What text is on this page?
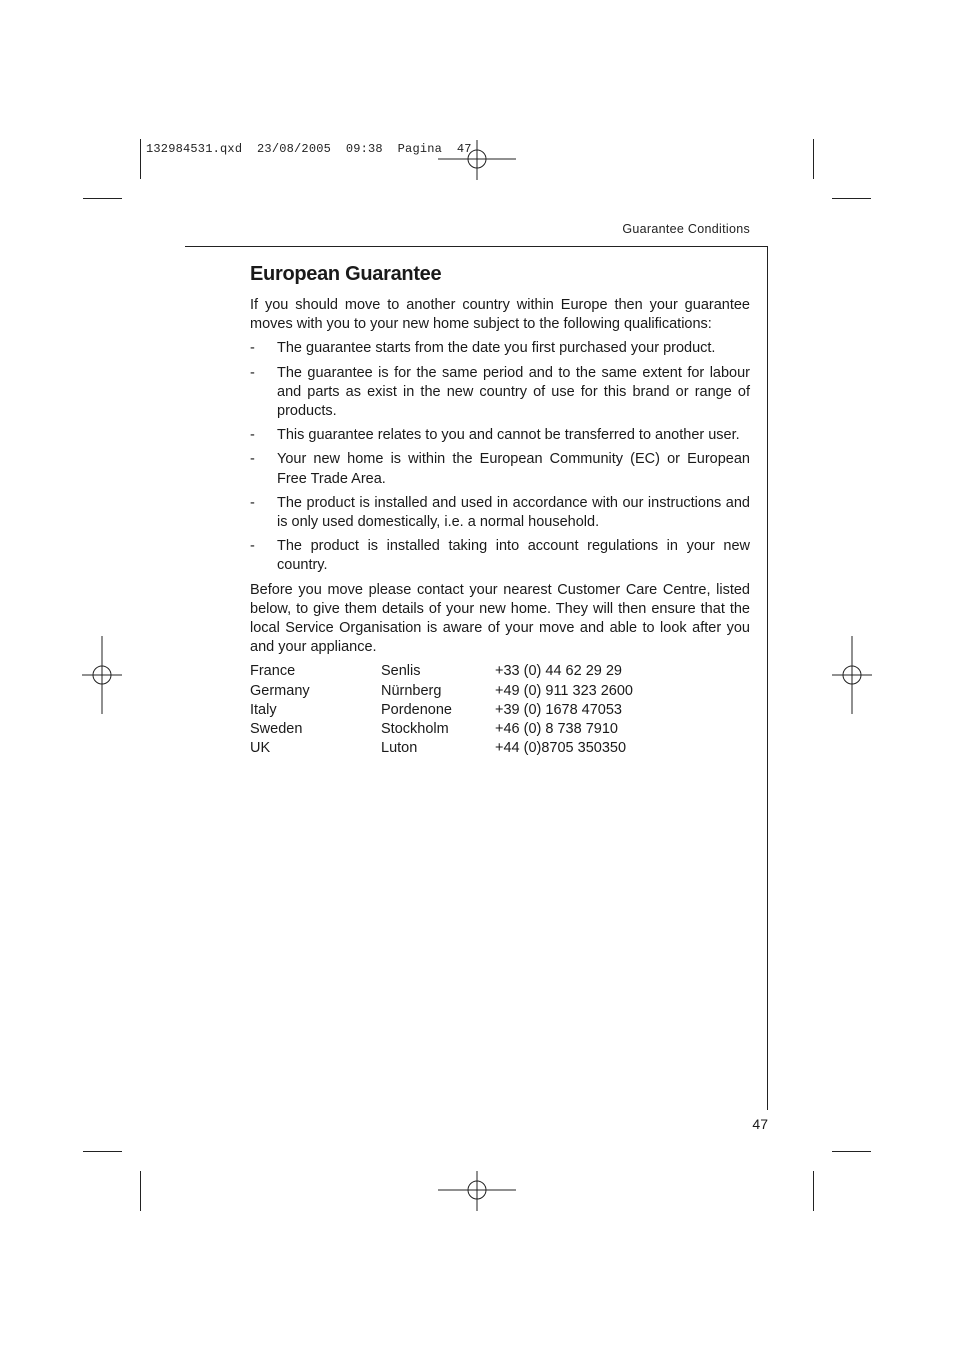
132984531.qxd  23/08/2005  09:38  Pagina  47
Guarantee Conditions
European Guarantee

If you should move to another country within Europe then your guarantee moves with you to your new home subject to the following qualifications:

- The guarantee starts from the date you first purchased your product.
- The guarantee is for the same period and to the same extent for labour and parts as exist in the new country of use for this brand or range of products.
- This guarantee relates to you and cannot be transferred to another user.
- Your new home is within the European Community (EC) or European Free Trade Area.
- The product is installed and used in accordance with our instructions and is only used domestically, i.e. a normal household.
- The product is installed taking into account regulations in your new country.

Before you move please contact your nearest Customer Care Centre, listed below, to give them details of your new home. They will then ensure that the local Service Organisation is aware of your move and able to look after you and your appliance.

France	Senlis	+33 (0) 44 62 29 29
Germany	Nürnberg	+49 (0) 911 323 2600
Italy	Pordenone	+39 (0) 1678 47053
Sweden	Stockholm	+46 (0) 8 738 7910
UK	Luton	+44 (0)8705 350350
47
